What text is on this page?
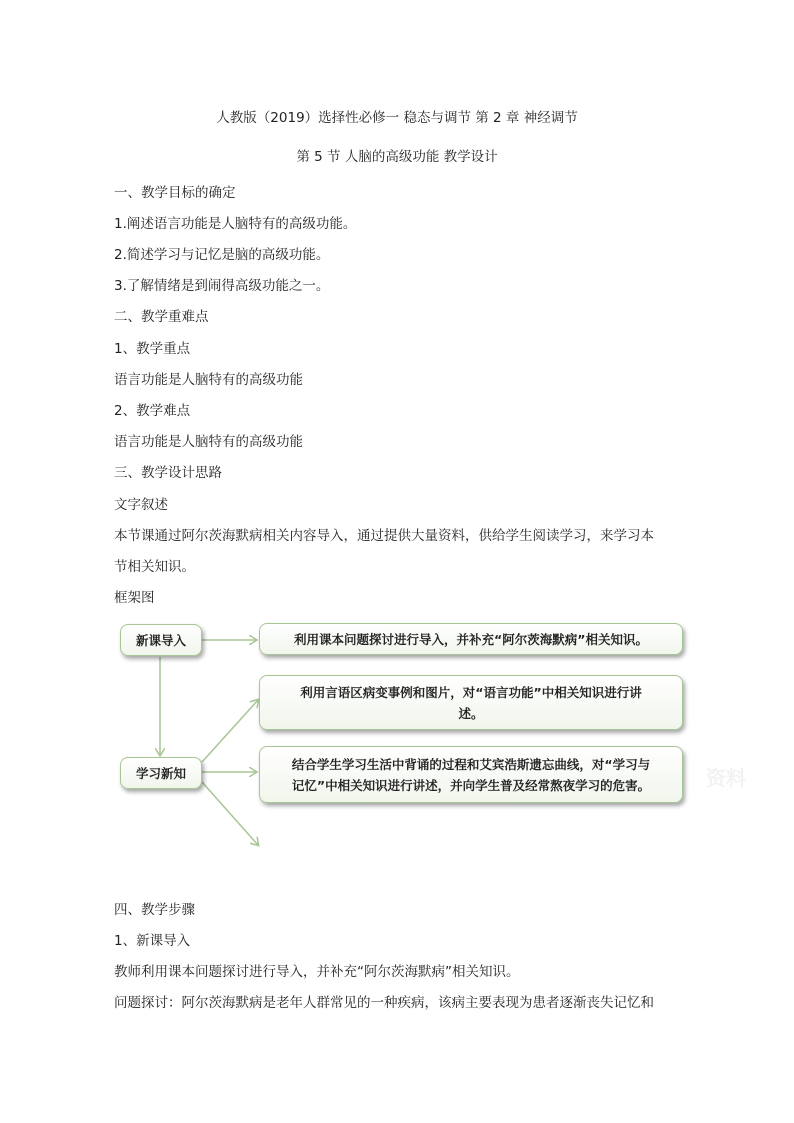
人教版（2019）选择性必修一 稳态与调节 第 2 章 神经调节
第 5 节 人脑的高级功能 教学设计
一、教学目标的确定
1.阐述语言功能是人脑特有的高级功能。
2.简述学习与记忆是脑的高级功能。
3.了解情绪是到闹得高级功能之一。
二、教学重难点
1、教学重点
语言功能是人脑特有的高级功能
2、教学难点
语言功能是人脑特有的高级功能
三、教学设计思路
文字叙述
本节课通过阿尔茨海默病相关内容导入，通过提供大量资料，供给学生阅读学习，来学习本
节相关知识。
框架图
新课导入	利用课本问题探讨进行导入，并补充“阿尔茨海默病”相关知识。
利用言语区病变事例和图片，对“语言功能”中相关知识进行讲
述。
学习新知
结合学生学习生活中背诵的过程和艾宾浩斯遗忘曲线，对“学习与
记忆”中相关知识进行讲述，并向学生普及经常熬夜学习的危害。	资料
四、教学步骤
1、新课导入
教师利用课本问题探讨进行导入，并补充“阿尔茨海默病”相关知识。
问题探讨：阿尔茨海默病是老年人群常见的一种疾病，该病主要表现为患者逐渐丧失记忆和
